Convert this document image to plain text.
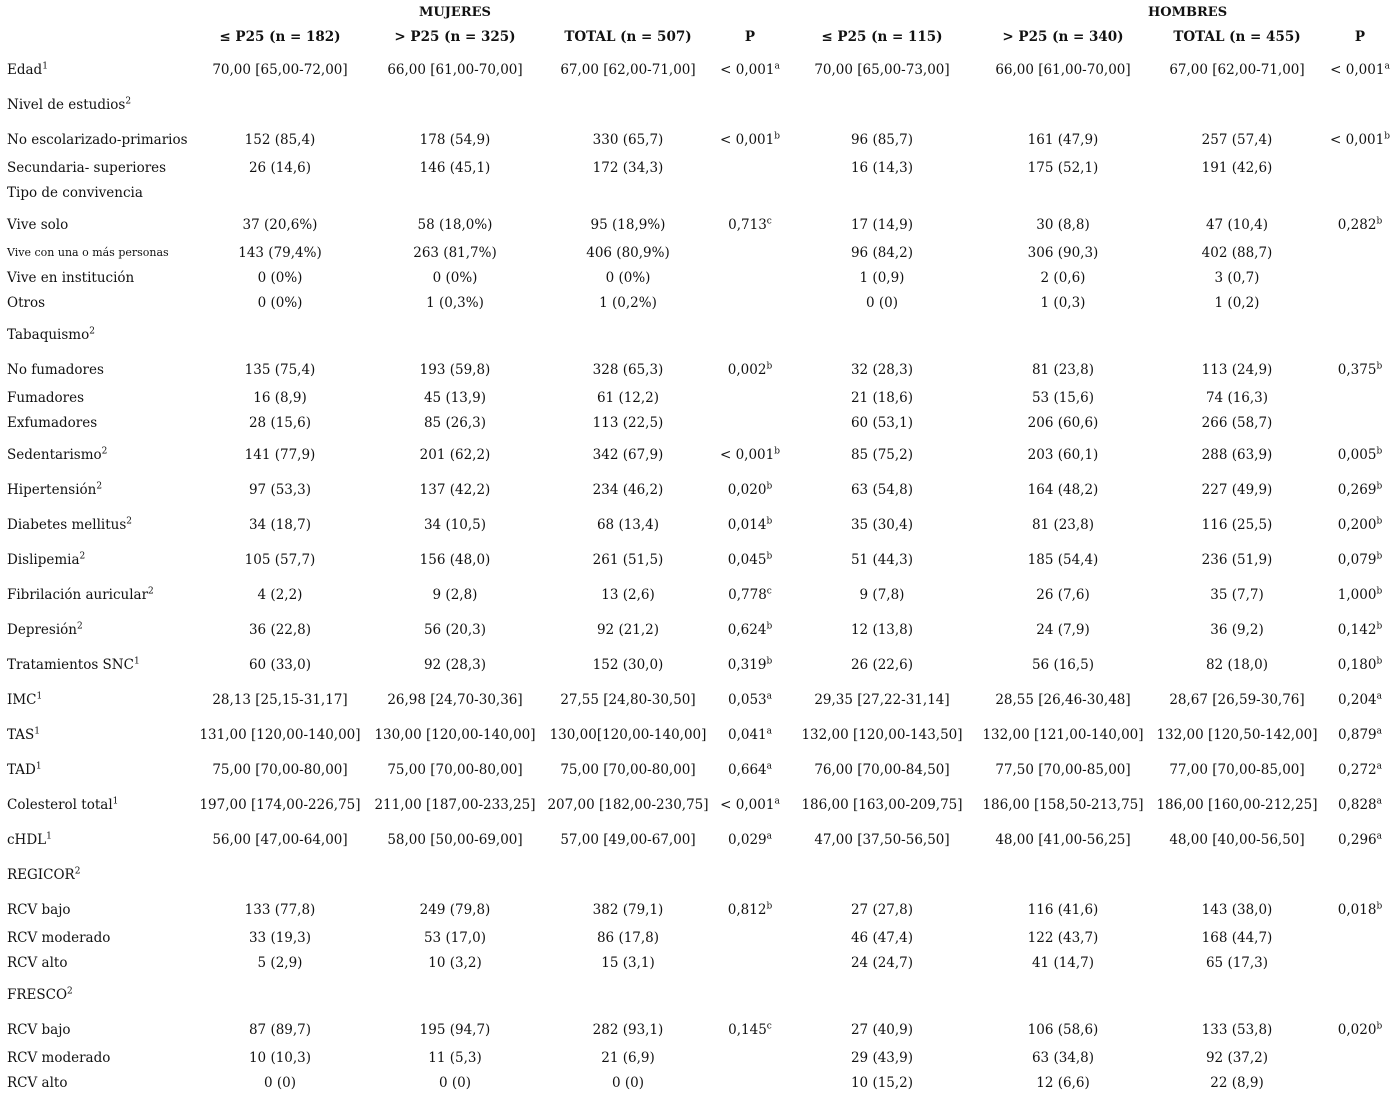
		MUJERES					HOMBRES	
	≤ P25 (n = 182)	> P25 (n = 325)	TOTAL (n = 507)	P	≤ P25 (n = 115)	> P25 (n = 340)	TOTAL (n = 455)	P
Edad$^1$	70,00 [65,00-72,00]	66,00 [61,00-70,00]	67,00 [62,00-71,00]	< 0,001$^a$	70,00 [65,00-73,00]	66,00 [61,00-70,00]	67,00 [62,00-71,00]	< 0,001$^a$
Nivel de estudios$^2$								
No escolarizado-primarios	152 (85,4)	178 (54,9)	330 (65,7)	< 0,001$^b$	96 (85,7)	161 (47,9)	257 (57,4)	< 0,001$^b$
Secundaria- superiores	26 (14,6)	146 (45,1)	172 (34,3)		16 (14,3)	175 (52,1)	191 (42,6)	
Tipo de convivencia								
Vive solo	37 (20,6%)	58 (18,0%)	95 (18,9%)	0,713$^c$	17 (14,9)	30 (8,8)	47 (10,4)	0,282$^b$
Vive con una o más personas	143 (79,4%)	263 (81,7%)	406 (80,9%)		96 (84,2)	306 (90,3)	402 (88,7)	
Vive en institución	0 (0%)	0 (0%)	0 (0%)		1 (0,9)	2 (0,6)	3 (0,7)	
Otros	0 (0%)	1 (0,3%)	1 (0,2%)		0 (0)	1 (0,3)	1 (0,2)	
Tabaquismo$^2$								
No fumadores	135 (75,4)	193 (59,8)	328 (65,3)	0,002$^b$	32 (28,3)	81 (23,8)	113 (24,9)	0,375$^b$
Fumadores	16 (8,9)	45 (13,9)	61 (12,2)		21 (18,6)	53 (15,6)	74 (16,3)	
Exfumadores	28 (15,6)	85 (26,3)	113 (22,5)		60 (53,1)	206 (60,6)	266 (58,7)	
Sedentarismo$^2$	141 (77,9)	201 (62,2)	342 (67,9)	< 0,001$^b$	85 (75,2)	203 (60,1)	288 (63,9)	0,005$^b$
Hipertensión$^2$	97 (53,3)	137 (42,2)	234 (46,2)	0,020$^b$	63 (54,8)	164 (48,2)	227 (49,9)	0,269$^b$
Diabetes mellitus$^2$	34 (18,7)	34 (10,5)	68 (13,4)	0,014$^b$	35 (30,4)	81 (23,8)	116 (25,5)	0,200$^b$
Dislipemia$^2$	105 (57,7)	156 (48,0)	261 (51,5)	0,045$^b$	51 (44,3)	185 (54,4)	236 (51,9)	0,079$^b$
Fibrilación auricular$^2$	4 (2,2)	9 (2,8)	13 (2,6)	0,778$^c$	9 (7,8)	26 (7,6)	35 (7,7)	1,000$^b$
Depresión$^2$	36 (22,8)	56 (20,3)	92 (21,2)	0,624$^b$	12 (13,8)	24 (7,9)	36 (9,2)	0,142$^b$
Tratamientos SNC$^1$	60 (33,0)	92 (28,3)	152 (30,0)	0,319$^b$	26 (22,6)	56 (16,5)	82 (18,0)	0,180$^b$
IMC$^1$	28,13 [25,15-31,17]	26,98 [24,70-30,36]	27,55 [24,80-30,50]	0,053$^a$	29,35 [27,22-31,14]	28,55 [26,46-30,48]	28,67 [26,59-30,76]	0,204$^a$
TAS$^1$	131,00 [120,00-140,00]	130,00 [120,00-140,00]	130,00[120,00-140,00]	0,041$^a$	132,00 [120,00-143,50]	132,00 [121,00-140,00]	132,00 [120,50-142,00]	0,879$^a$
TAD$^1$	75,00 [70,00-80,00]	75,00 [70,00-80,00]	75,00 [70,00-80,00]	0,664$^a$	76,00 [70,00-84,50]	77,50 [70,00-85,00]	77,00 [70,00-85,00]	0,272$^a$
Colesterol total$^1$	197,00 [174,00-226,75]	211,00 [187,00-233,25]	207,00 [182,00-230,75]	< 0,001$^a$	186,00 [163,00-209,75]	186,00 [158,50-213,75]	186,00 [160,00-212,25]	0,828$^a$
cHDL$^1$	56,00 [47,00-64,00]	58,00 [50,00-69,00]	57,00 [49,00-67,00]	0,029$^a$	47,00 [37,50-56,50]	48,00 [41,00-56,25]	48,00 [40,00-56,50]	0,296$^a$
REGICOR$^2$								
RCV bajo	133 (77,8)	249 (79,8)	382 (79,1)	0,812$^b$	27 (27,8)	116 (41,6)	143 (38,0)	0,018$^b$
RCV moderado	33 (19,3)	53 (17,0)	86 (17,8)		46 (47,4)	122 (43,7)	168 (44,7)	
RCV alto	5 (2,9)	10 (3,2)	15 (3,1)		24 (24,7)	41 (14,7)	65 (17,3)	
FRESCO$^2$								
RCV bajo	87 (89,7)	195 (94,7)	282 (93,1)	0,145$^c$	27 (40,9)	106 (58,6)	133 (53,8)	0,020$^b$
RCV moderado	10 (10,3)	11 (5,3)	21 (6,9)		29 (43,9)	63 (34,8)	92 (37,2)	
RCV alto	0 (0)	0 (0)	0 (0)		10 (15,2)	12 (6,6)	22 (8,9)	
